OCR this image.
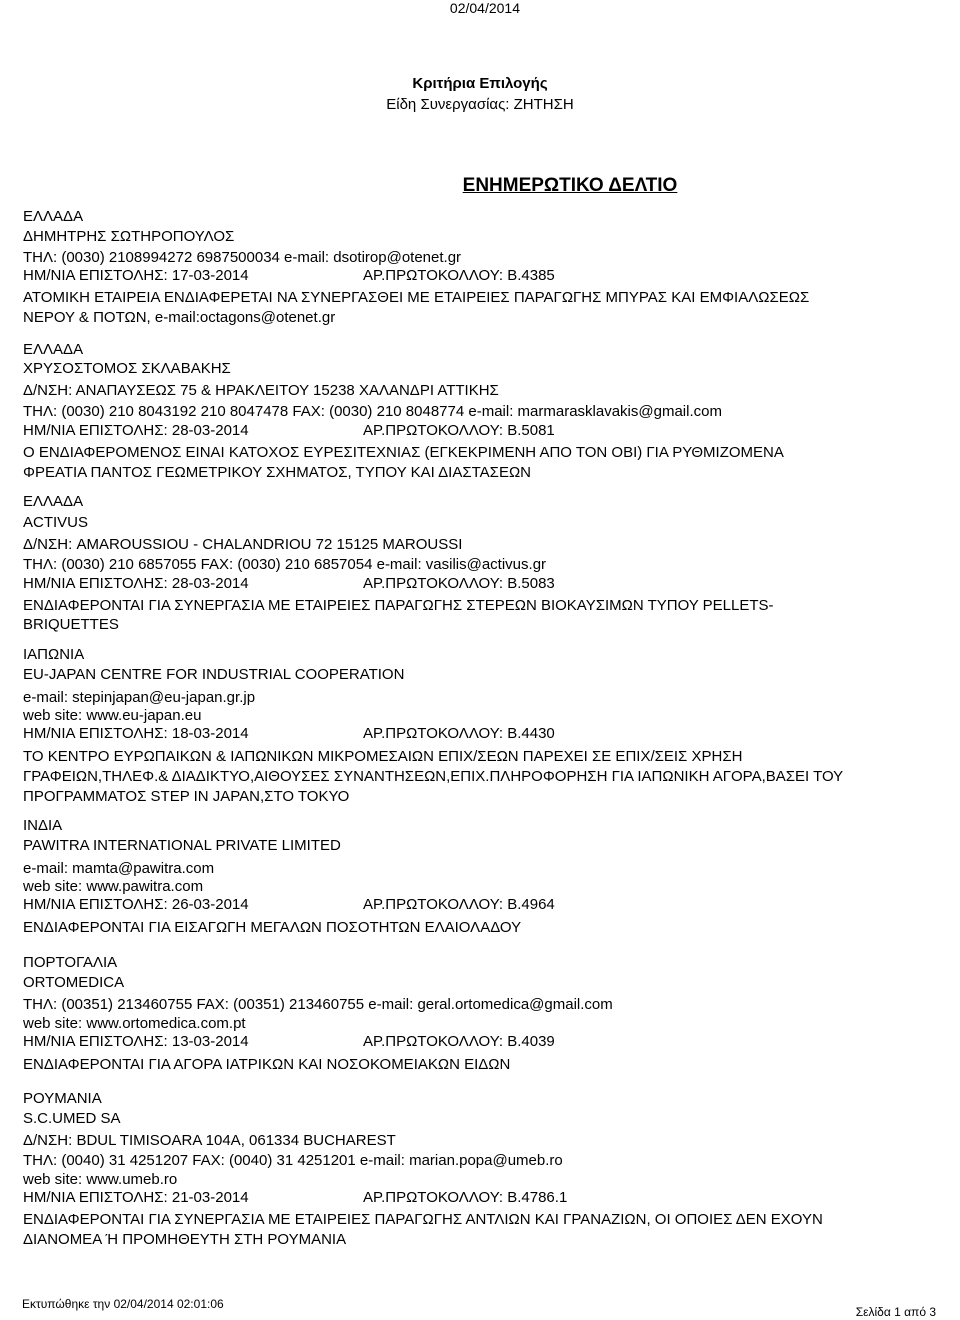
02/04/2014
Κριτήρια Επιλογής
Είδη Συνεργασίας: ΖΗΤΗΣΗ
ΕΝΗΜΕΡΩΤΙΚΟ ΔΕΛΤΙΟ
ΕΛΛΑΔΑ
ΔΗΜΗΤΡΗΣ ΣΩΤΗΡΟΠΟΥΛΟΣ
ΤΗΛ: (0030) 2108994272 6987500034 e-mail: dsotirop@otenet.gr
ΗΜ/ΝΙΑ ΕΠΙΣΤΟΛΗΣ: 17-03-2014	ΑΡ.ΠΡΩΤΟΚΟΛΛΟΥ: Β.4385
ΑΤΟΜΙΚΗ ΕΤΑΙΡΕΙΑ ΕΝΔΙΑΦΕΡΕΤΑΙ ΝΑ ΣΥΝΕΡΓΑΣΘΕΙ ΜΕ ΕΤΑΙΡΕΙΕΣ ΠΑΡΑΓΩΓΗΣ ΜΠΥΡΑΣ ΚΑΙ ΕΜΦΙΑΛΩΣΕΩΣ
ΝΕΡΟΥ & ΠΟΤΩΝ, e-mail:octagons@otenet.gr
ΕΛΛΑΔΑ
ΧΡΥΣΟΣΤΟΜΟΣ ΣΚΛΑΒΑΚΗΣ
Δ/ΝΣΗ: ΑΝΑΠΑΥΣΕΩΣ 75 & ΗΡΑΚΛΕΙΤΟΥ 15238 ΧΑΛΑΝΔΡΙ ΑΤΤΙΚΗΣ
ΤΗΛ: (0030) 210 8043192 210 8047478 FAX: (0030) 210 8048774 e-mail: marmarasklavakis@gmail.com
ΗΜ/ΝΙΑ ΕΠΙΣΤΟΛΗΣ: 28-03-2014	ΑΡ.ΠΡΩΤΟΚΟΛΛΟΥ: Β.5081
Ο ΕΝΔΙΑΦΕΡΟΜΕΝΟΣ ΕΙΝΑΙ ΚΑΤΟΧΟΣ ΕΥΡΕΣΙΤΕΧΝΙΑΣ (ΕΓΚΕΚΡΙΜΕΝΗ ΑΠΟ ΤΟΝ ΟΒΙ) ΓΙΑ ΡΥΘΜΙΖΟΜΕΝΑ
ΦΡΕΑΤΙΑ ΠΑΝΤΟΣ ΓΕΩΜΕΤΡΙΚΟΥ ΣΧΗΜΑΤΟΣ, ΤΥΠΟΥ ΚΑΙ ΔΙΑΣΤΑΣΕΩΝ
ΕΛΛΑΔΑ
ACTIVUS
Δ/ΝΣΗ: AMAROUSSIOU - CHALANDRIOU 72 15125 MAROUSSI
ΤΗΛ: (0030) 210 6857055 FAX: (0030) 210 6857054 e-mail: vasilis@activus.gr
ΗΜ/ΝΙΑ ΕΠΙΣΤΟΛΗΣ: 28-03-2014	ΑΡ.ΠΡΩΤΟΚΟΛΛΟΥ: Β.5083
ΕΝΔΙΑΦΕΡΟΝΤΑΙ ΓΙΑ ΣΥΝΕΡΓΑΣΙΑ ΜΕ ΕΤΑΙΡΕΙΕΣ ΠΑΡΑΓΩΓΗΣ ΣΤΕΡΕΩΝ ΒΙΟΚΑΥΣΙΜΩΝ ΤΥΠΟΥ PELLETS-
BRIQUETTES
ΙΑΠΩΝΙΑ
EU-JAPAN CENTRE FOR INDUSTRIAL COOPERATION
e-mail: stepinjapan@eu-japan.gr.jp
web site: www.eu-japan.eu
ΗΜ/ΝΙΑ ΕΠΙΣΤΟΛΗΣ: 18-03-2014	ΑΡ.ΠΡΩΤΟΚΟΛΛΟΥ: Β.4430
ΤΟ ΚΕΝΤΡΟ ΕΥΡΩΠΑΙΚΩΝ & ΙΑΠΩΝΙΚΩΝ ΜΙΚΡΟΜΕΣΑΙΩΝ ΕΠΙΧ/ΣΕΩΝ ΠΑΡΕΧΕΙ ΣΕ ΕΠΙΧ/ΣΕΙΣ ΧΡΗΣΗ
ΓΡΑΦΕΙΩΝ,ΤΗΛΕΦ.& ΔΙΑΔΙΚΤΥΟ,ΑΙΘΟΥΣΕΣ ΣΥΝΑΝΤΗΣΕΩΝ,ΕΠΙΧ.ΠΛΗΡΟΦΟΡΗΣΗ ΓΙΑ ΙΑΠΩΝΙΚΗ ΑΓΟΡΑ,ΒΑΣΕΙ ΤΟΥ
ΠΡΟΓΡΑΜΜΑΤΟΣ STEP IN JAPAN,ΣΤΟ ΤΟΚΥΟ
ΙΝΔΙΑ
PAWITRA INTERNATIONAL PRIVATE LIMITED
e-mail: mamta@pawitra.com
web site: www.pawitra.com
ΗΜ/ΝΙΑ ΕΠΙΣΤΟΛΗΣ: 26-03-2014	ΑΡ.ΠΡΩΤΟΚΟΛΛΟΥ: Β.4964
ΕΝΔΙΑΦΕΡΟΝΤΑΙ ΓΙΑ ΕΙΣΑΓΩΓΗ ΜΕΓΑΛΩΝ ΠΟΣΟΤΗΤΩΝ ΕΛΑΙΟΛΑΔΟΥ
ΠΟΡΤΟΓΑΛΙΑ
ORTOMEDICA
ΤΗΛ: (00351) 213460755 FAX: (00351) 213460755 e-mail: geral.ortomedica@gmail.com
web site: www.ortomedica.com.pt
ΗΜ/ΝΙΑ ΕΠΙΣΤΟΛΗΣ: 13-03-2014	ΑΡ.ΠΡΩΤΟΚΟΛΛΟΥ: Β.4039
ΕΝΔΙΑΦΕΡΟΝΤΑΙ ΓΙΑ ΑΓΟΡΑ ΙΑΤΡΙΚΩΝ ΚΑΙ ΝΟΣΟΚΟΜΕΙΑΚΩΝ ΕΙΔΩΝ
ΡΟΥΜΑΝΙΑ
S.C.UMED SA
Δ/ΝΣΗ: BDUL TIMISOARA 104A, 061334 BUCHAREST
ΤΗΛ: (0040) 31 4251207 FAX: (0040) 31 4251201 e-mail: marian.popa@umeb.ro
web site: www.umeb.ro
ΗΜ/ΝΙΑ ΕΠΙΣΤΟΛΗΣ: 21-03-2014	ΑΡ.ΠΡΩΤΟΚΟΛΛΟΥ: Β.4786.1
ΕΝΔΙΑΦΕΡΟΝΤΑΙ ΓΙΑ ΣΥΝΕΡΓΑΣΙΑ ΜΕ ΕΤΑΙΡΕΙΕΣ ΠΑΡΑΓΩΓΗΣ ΑΝΤΛΙΩΝ ΚΑΙ ΓΡΑΝΑΖΙΩΝ, ΟΙ ΟΠΟΙΕΣ ΔΕΝ ΕΧΟΥΝ
ΔΙΑΝΟΜΕΑ Ή ΠΡΟΜΗΘΕΥΤΗ ΣΤΗ ΡΟΥΜΑΝΙΑ
Εκτυπώθηκε την 02/04/2014 02:01:06
Σελίδα 1 από 3
